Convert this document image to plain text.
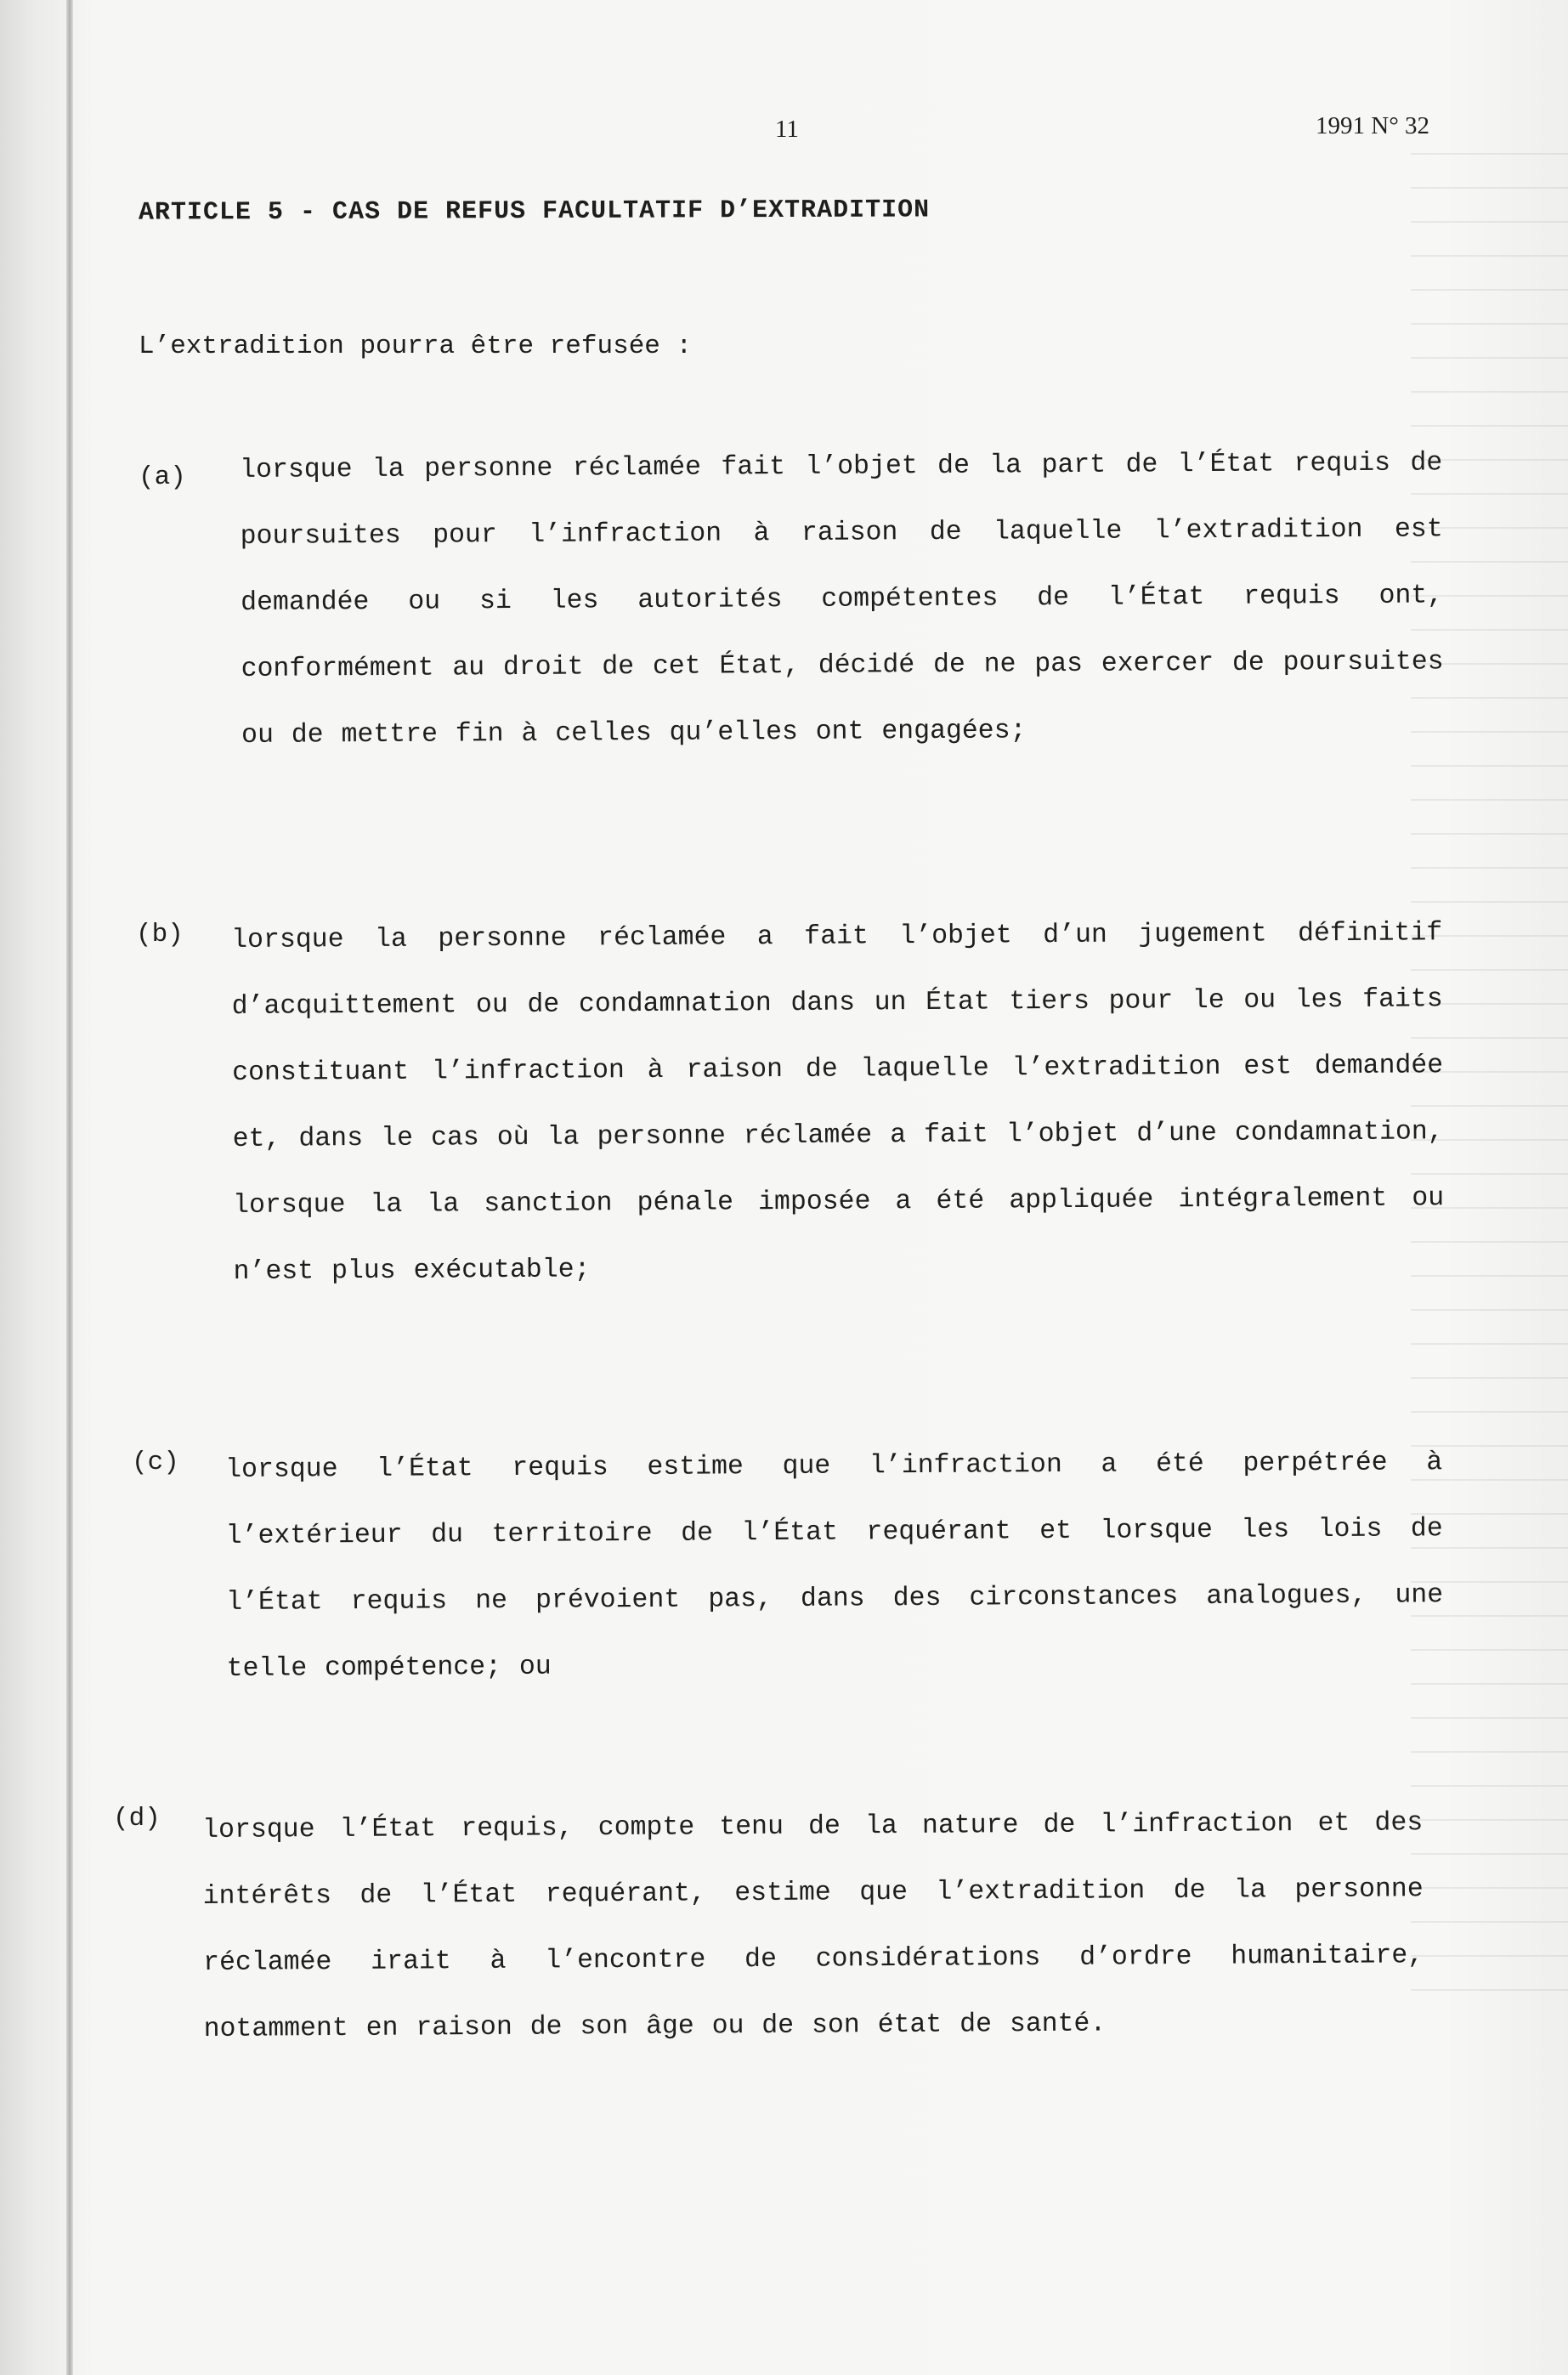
11	1991 N° 32
ARTICLE 5 - CAS DE REFUS FACULTATIF D’EXTRADITION
L’extradition pourra être refusée :
(a) lorsque la personne réclamée fait l’objet de la part de l’État requis de poursuites pour l’infraction à raison de laquelle l’extradition est demandée ou si les autorités compétentes de l’État requis ont, conformément au droit de cet État, décidé de ne pas exercer de poursuites ou de mettre fin à celles qu’elles ont engagées;
(b) lorsque la personne réclamée a fait l’objet d’un jugement définitif d’acquittement ou de condamnation dans un État tiers pour le ou les faits constituant l’infraction à raison de laquelle l’extradition est demandée et, dans le cas où la personne réclamée a fait l’objet d’une condamnation, lorsque la la sanction pénale imposée a été appliquée intégralement ou n’est plus exécutable;
(c) lorsque l’État requis estime que l’infraction a été perpétrée à l’extérieur du territoire de l’État requérant et lorsque les lois de l’État requis ne prévoient pas, dans des circonstances analogues, une telle compétence; ou
(d) lorsque l’État requis, compte tenu de la nature de l’infraction et des intérêts de l’État requérant, estime que l’extradition de la personne réclamée irait à l’encontre de considérations d’ordre humanitaire, notamment en raison de son âge ou de son état de santé.
